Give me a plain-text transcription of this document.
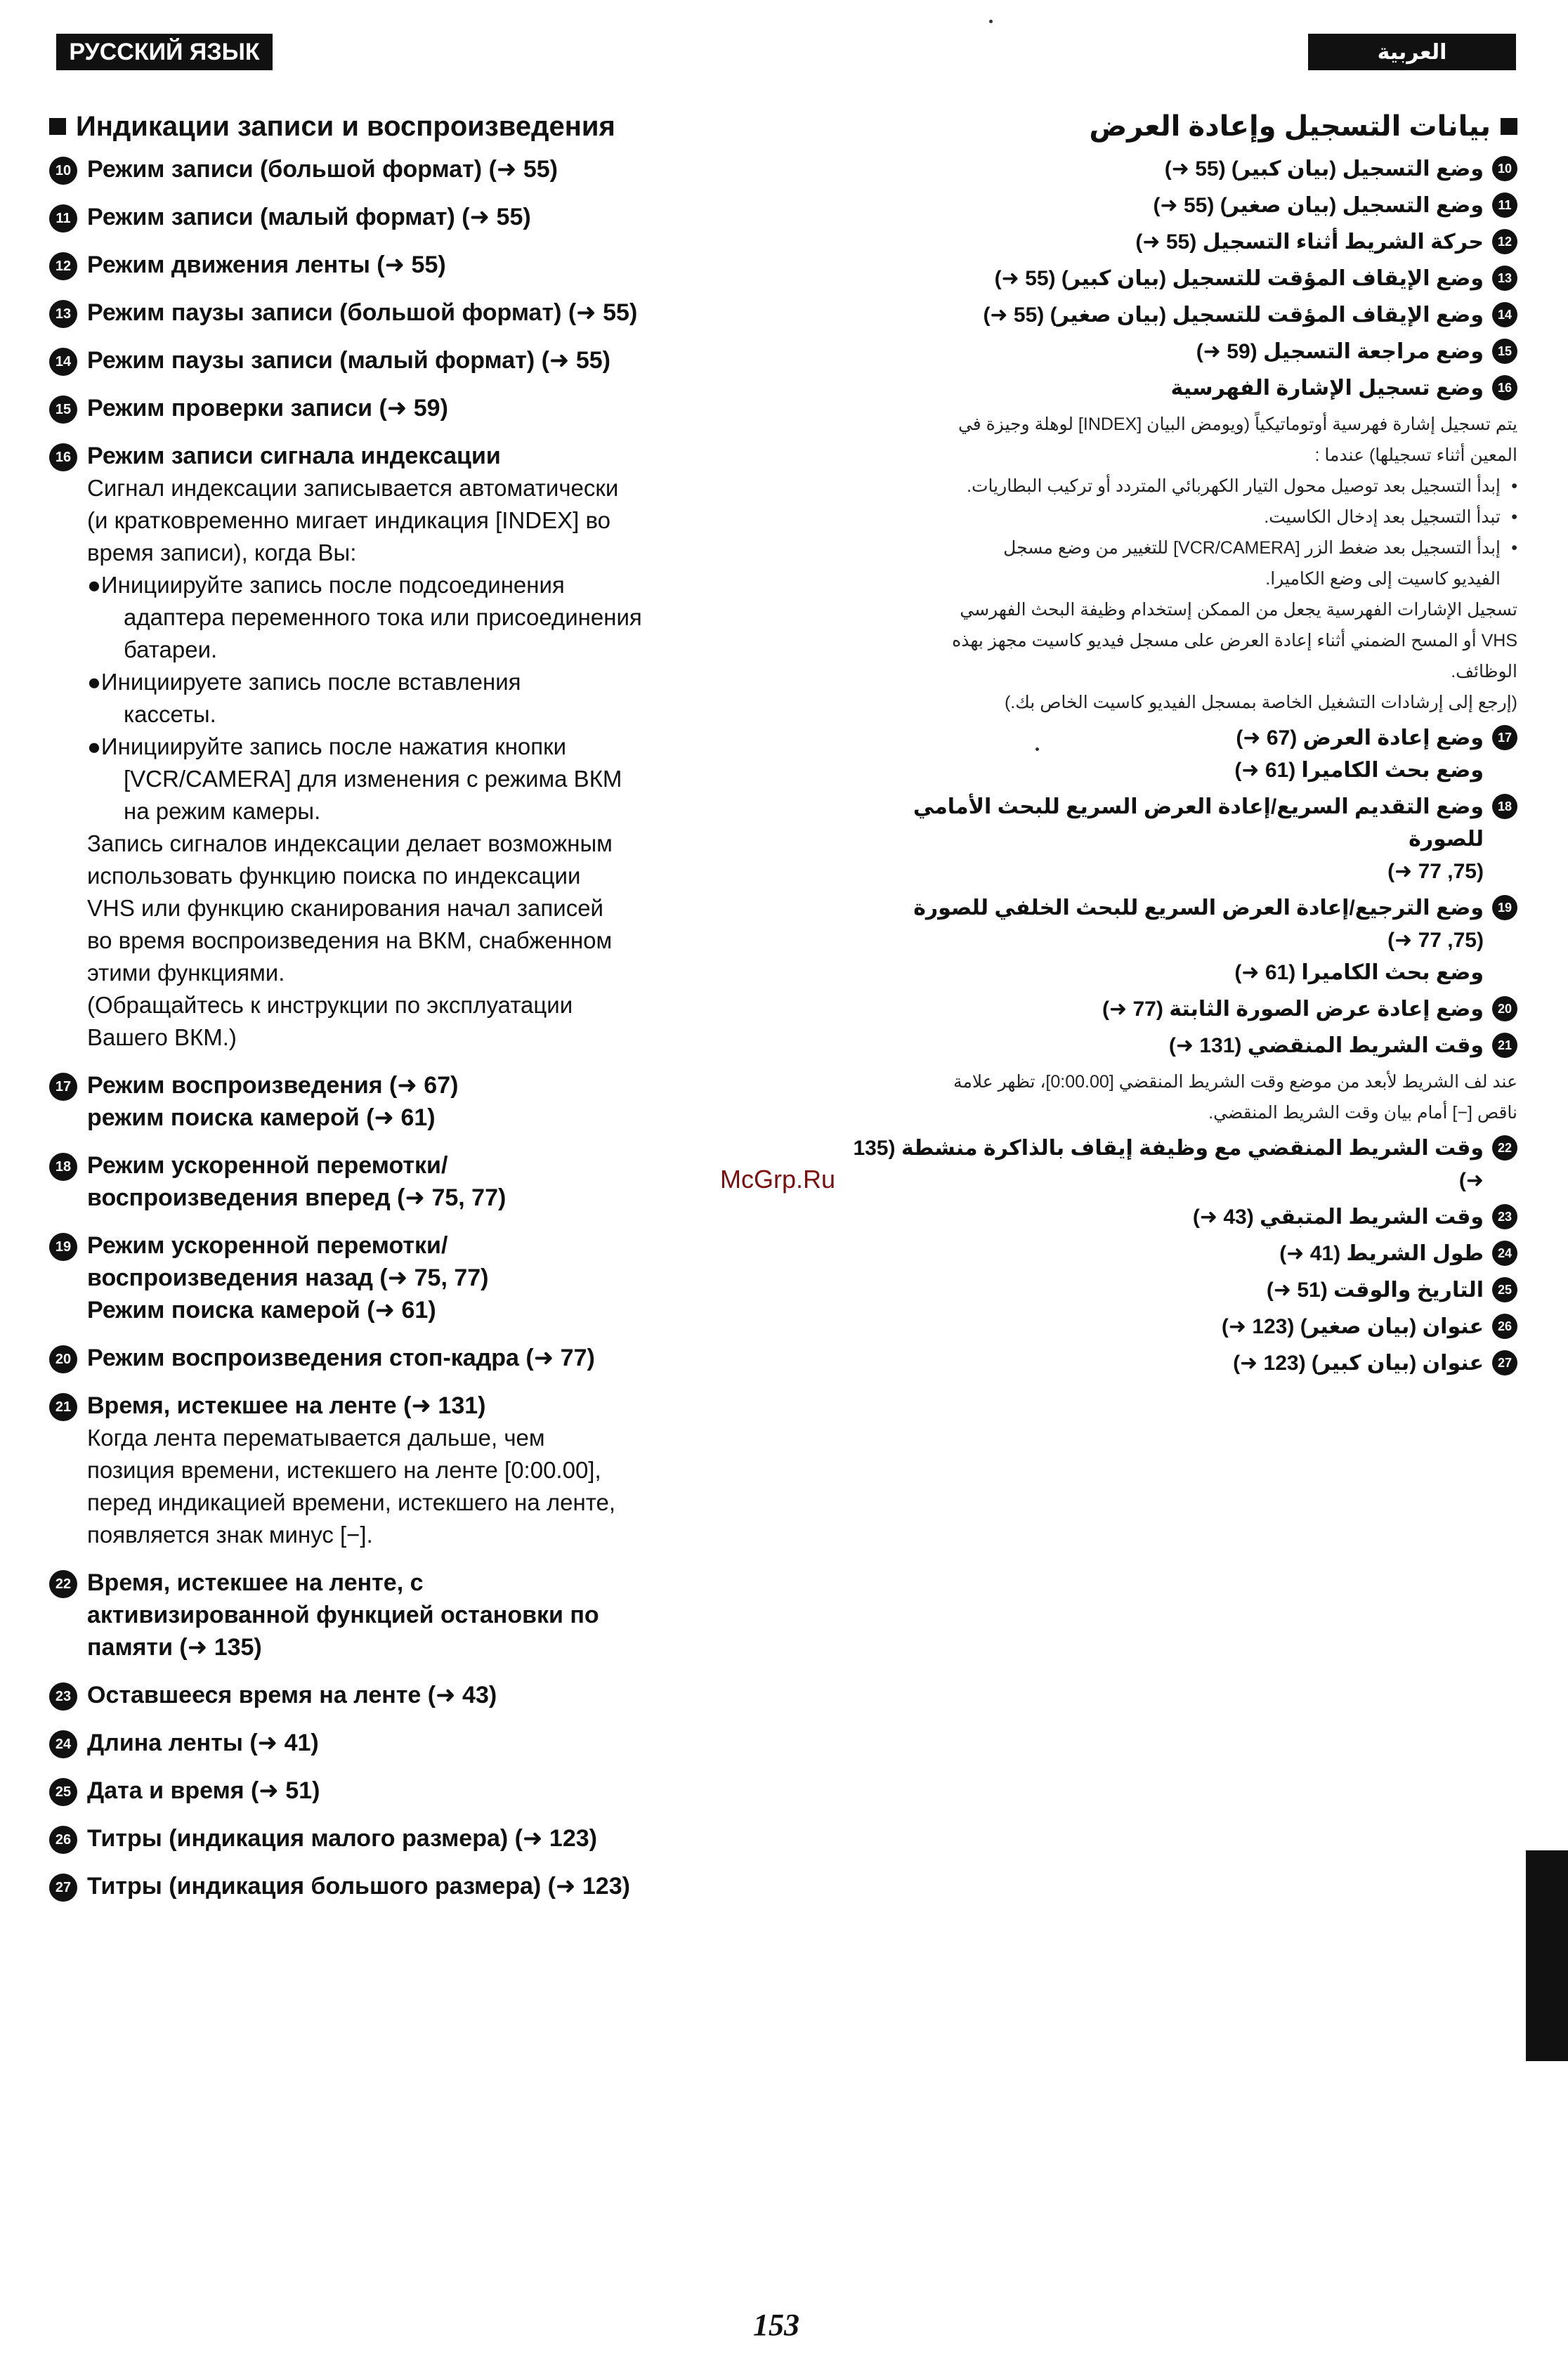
РУССКИЙ ЯЗЫК	العربية
Индикации записи и воспроизведения
10 Режим записи (большой формат) (➜ 55)
11 Режим записи (малый формат) (➜ 55)
12 Режим движения ленты (➜ 55)
13 Режим паузы записи (большой формат) (➜ 55)
14 Режим паузы записи (малый формат) (➜ 55)
15 Режим проверки записи (➜ 59)
16 Режим записи сигнала индексации
Сигнал индексации записывается автоматически
(и кратковременно мигает индикация [INDEX] во
время записи), когда Вы:
●Инициируйте запись после подсоединения
адаптера переменного тока или присоединения
батареи.
●Инициируете запись после вставления
кассеты.
●Инициируйте запись после нажатия кнопки
[VCR/CAMERA] для изменения с режима ВКМ
на режим камеры.
Запись сигналов индексации делает возможным
использовать функцию поиска по индексации
VHS или функцию сканирования начал записей
во время воспроизведения на ВКМ, снабженном
этими функциями.
(Обращайтесь к инструкции по эксплуатации
Вашего ВКМ.)
17 Режим воспроизведения (➜ 67)
режим поиска камерой (➜ 61)
18 Режим ускоренной перемотки/
воспроизведения вперед (➜ 75, 77)
19 Режим ускоренной перемотки/
воспроизведения назад (➜ 75, 77)
Режим поиска камерой (➜ 61)
20 Режим воспроизведения стоп-кадра (➜ 77)
21 Время, истекшее на ленте (➜ 131)
Когда лента перематывается дальше, чем
позиция времени, истекшего на ленте [0:00.00],
перед индикацией времени, истекшего на ленте,
появляется знак минус [−].
22 Время, истекшее на ленте, с
активизированной функцией остановки по
памяти (➜ 135)
23 Оставшееся время на ленте (➜ 43)
24 Длина ленты (➜ 41)
25 Дата и время (➜ 51)
26 Титры (индикация малого размера) (➜ 123)
27 Титры (индикация большого размера) (➜ 123)
بيانات التسجيل وإعادة العرض
10
وضع التسجيل (بيان كبير) (55 ➜)
11
وضع التسجيل (بيان صغير) (55 ➜)
12
حركة الشريط أثناء التسجيل (55 ➜)
13
وضع الإيقاف المؤقت للتسجيل (بيان كبير) (55 ➜)
14
وضع الإيقاف المؤقت للتسجيل (بيان صغير) (55 ➜)
15
وضع مراجعة التسجيل (59 ➜)
16
وضع تسجيل الإشارة الفهرسية
يتم تسجيل إشارة فهرسية أوتوماتيكياً (ويومض البيان [INDEX] لوهلة وجيزة في
المعين أثناء تسجيلها) عندما :
• إبدأ التسجيل بعد توصيل محول التيار الكهربائي المتردد أو تركيب البطاريات.
• تبدأ التسجيل بعد إدخال الكاسيت.
• إبدأ التسجيل بعد ضغط الزر [VCR/CAMERA] للتغيير من وضع مسجل
الفيديو كاسيت إلى وضع الكاميرا.
تسجيل الإشارات الفهرسية يجعل من الممكن إستخدام وظيفة البحث الفهرسي
VHS أو المسح الضمني أثناء إعادة العرض على مسجل فيديو كاسيت مجهز بهذه
الوظائف.
(إرجع إلى إرشادات التشغيل الخاصة بمسجل الفيديو كاسيت الخاص بك.)
17
وضع إعادة العرض (67 ➜)
وضع بحث الكاميرا (61 ➜)
18
وضع التقديم السريع/إعادة العرض السريع للبحث الأمامي للصورة
(75, 77 ➜)
19
وضع الترجيع/إعادة العرض السريع للبحث الخلفي للصورة
(75, 77 ➜)
وضع بحث الكاميرا (61 ➜)
20
وضع إعادة عرض الصورة الثابتة (77 ➜)
21
وقت الشريط المنقضي (131 ➜)
عند لف الشريط لأبعد من موضع وقت الشريط المنقضي [0:00.00]، تظهر علامة
ناقص [−] أمام بيان وقت الشريط المنقضي.
22
وقت الشريط المنقضي مع وظيفة إيقاف بالذاكرة منشطة (135 ➜)
23
وقت الشريط المتبقي (43 ➜)
24
طول الشريط (41 ➜)
25
التاريخ والوقت (51 ➜)
26
عنوان (بيان صغير) (123 ➜)
27
عنوان (بيان كبير) (123 ➜)
McGrp.Ru
153
